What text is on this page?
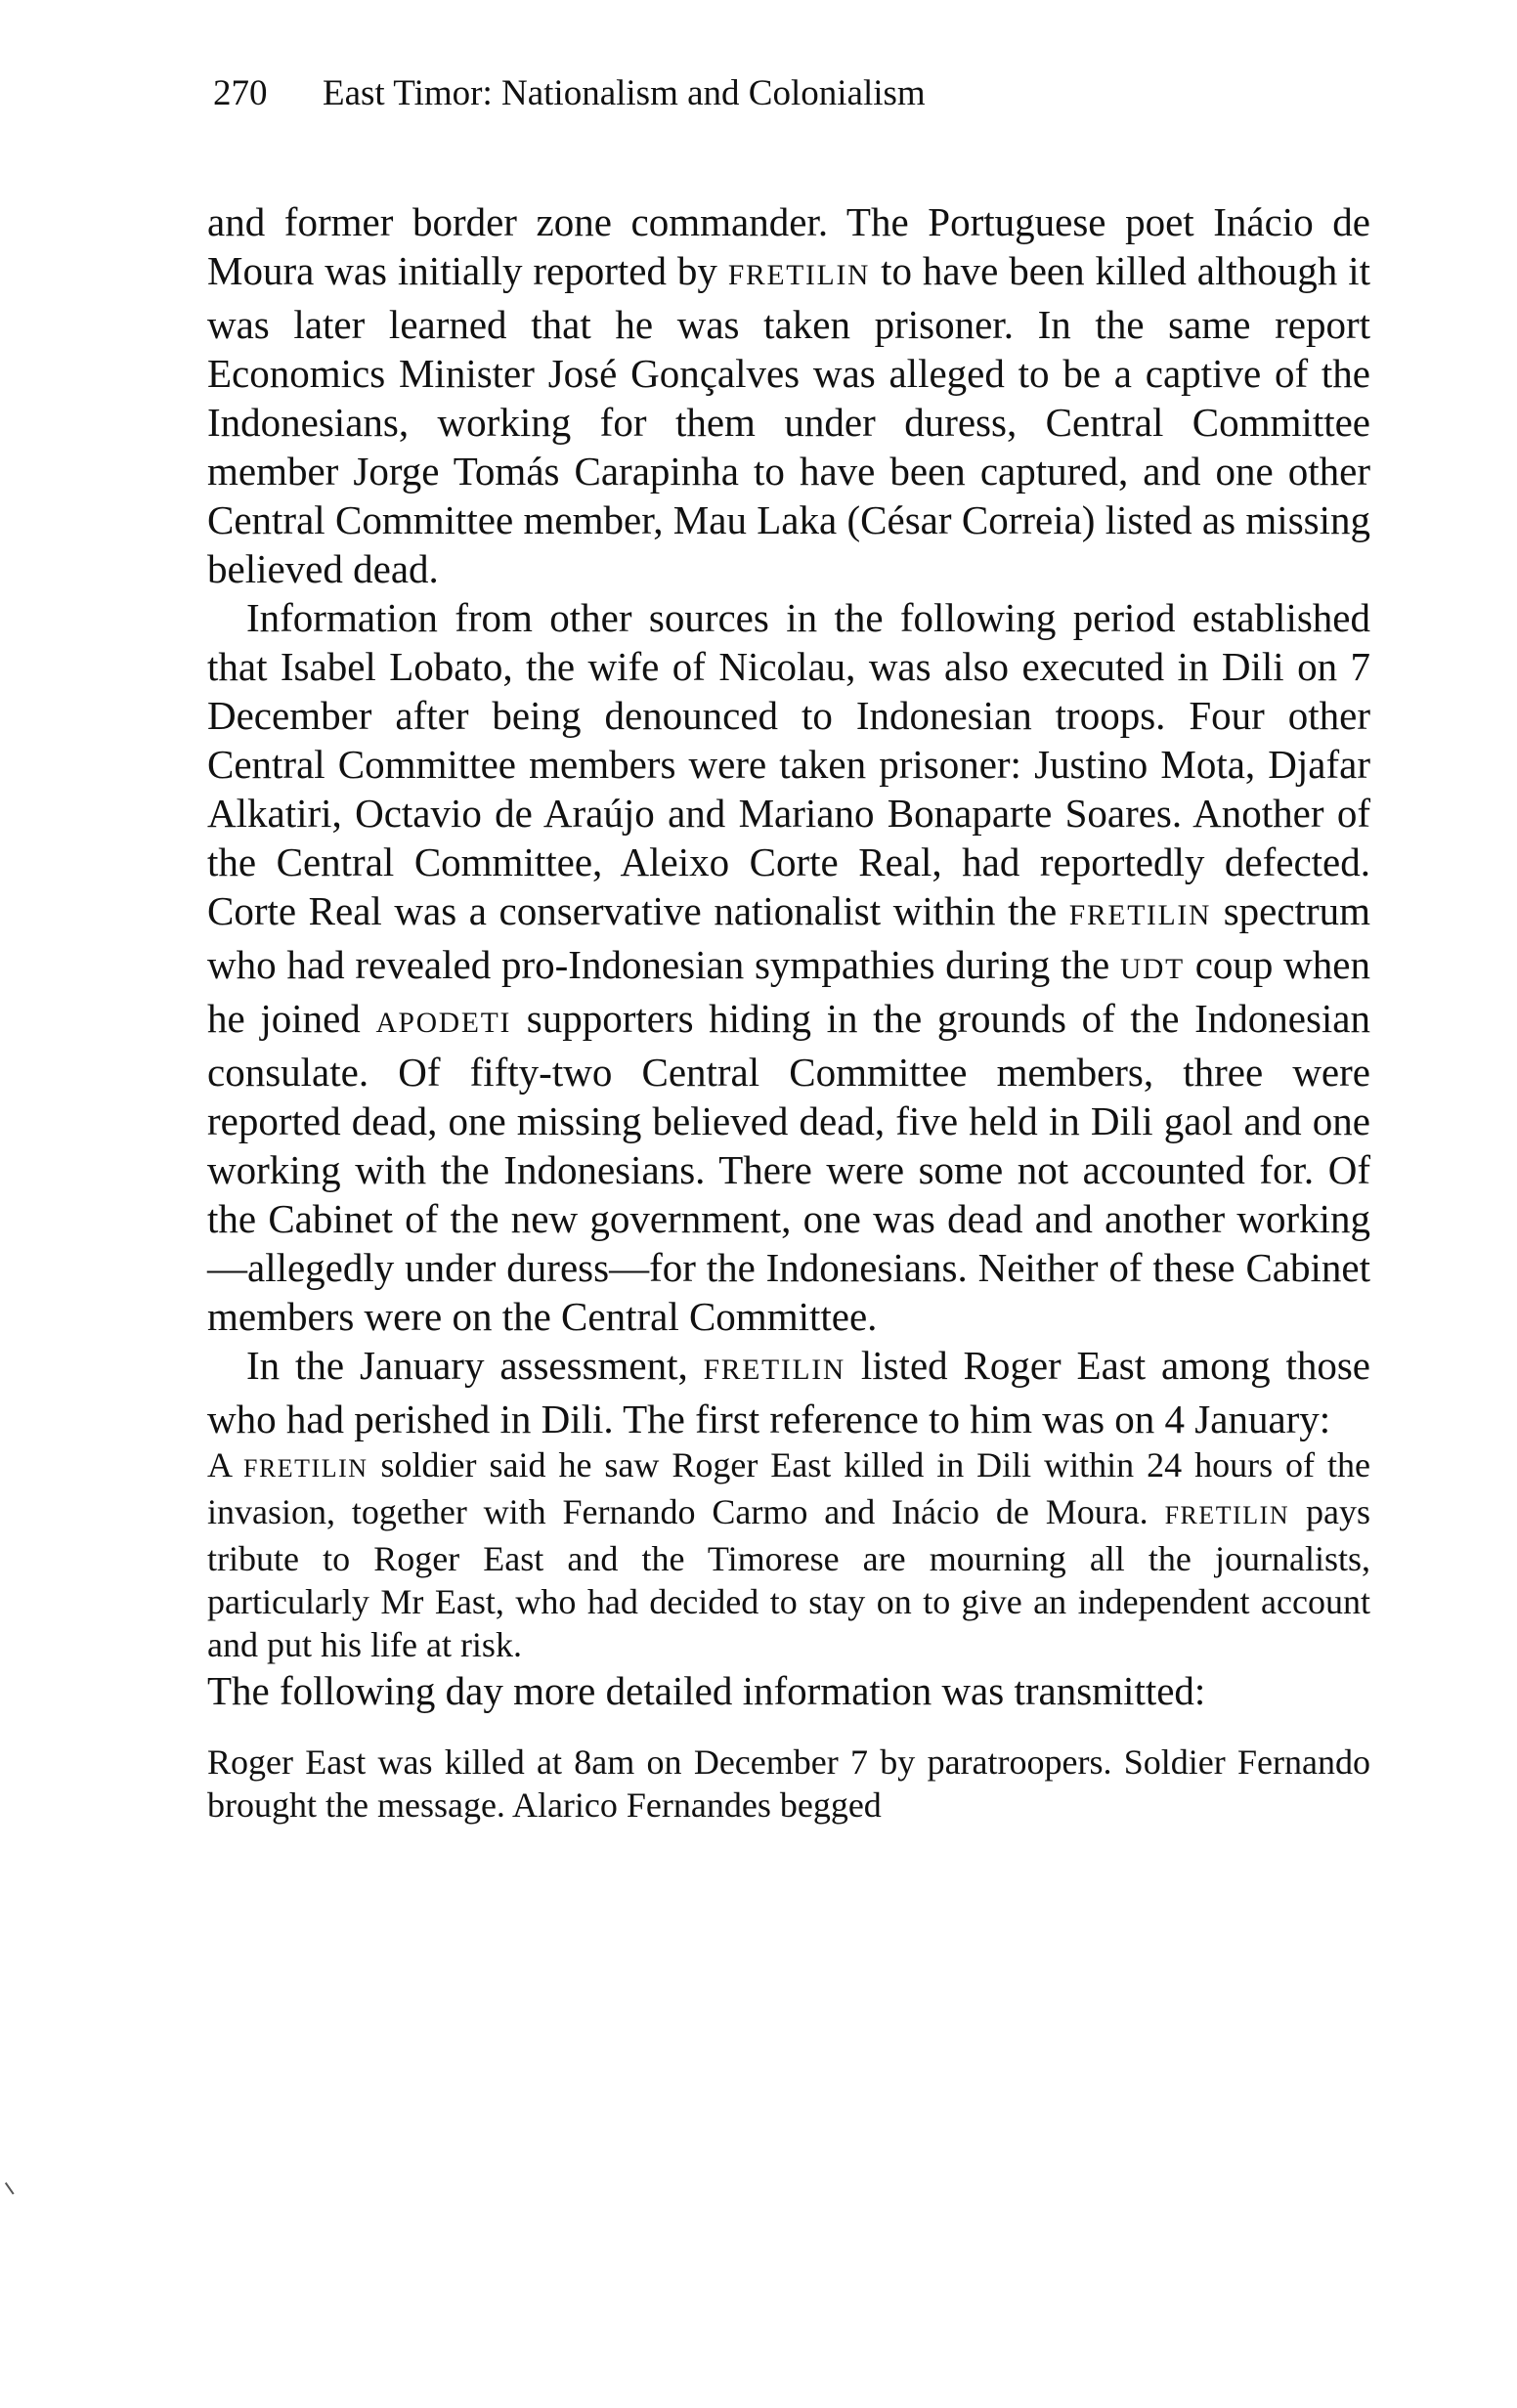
270 East Timor: Nationalism and Colonialism

and former border zone commander. The Portuguese poet Inácio de Moura was initially reported by FRETILIN to have been killed although it was later learned that he was taken prisoner. In the same report Economics Minister José Gonçalves was alleged to be a captive of the Indonesians, working for them under duress, Central Committee member Jorge Tomás Carapinha to have been captured, and one other Central Committee member, Mau Laka (César Correia) listed as missing believed dead.

Information from other sources in the following period established that Isabel Lobato, the wife of Nicolau, was also executed in Dili on 7 December after being denounced to Indonesian troops. Four other Central Committee members were taken prisoner: Justino Mota, Djafar Alkatiri, Octavio de Araújo and Mariano Bonaparte Soares. Another of the Central Committee, Aleixo Corte Real, had reportedly defected. Corte Real was a conservative nationalist within the FRETILIN spectrum who had revealed pro-Indonesian sympathies during the UDT coup when he joined APODETI supporters hiding in the grounds of the Indonesian consulate. Of fifty-two Central Committee members, three were reported dead, one missing believed dead, five held in Dili gaol and one working with the Indonesians. There were some not accounted for. Of the Cabinet of the new government, one was dead and another working—allegedly under duress—for the Indonesians. Neither of these Cabinet members were on the Central Committee.

In the January assessment, FRETILIN listed Roger East among those who had perished in Dili. The first reference to him was on 4 January:

A FRETILIN soldier said he saw Roger East killed in Dili within 24 hours of the invasion, together with Fernando Carmo and Inácio de Moura. FRETILIN pays tribute to Roger East and the Timorese are mourning all the journalists, particularly Mr East, who had decided to stay on to give an independent account and put his life at risk.

The following day more detailed information was transmitted:

Roger East was killed at 8am on December 7 by paratroopers. Soldier Fernando brought the message. Alarico Fernandes begged
